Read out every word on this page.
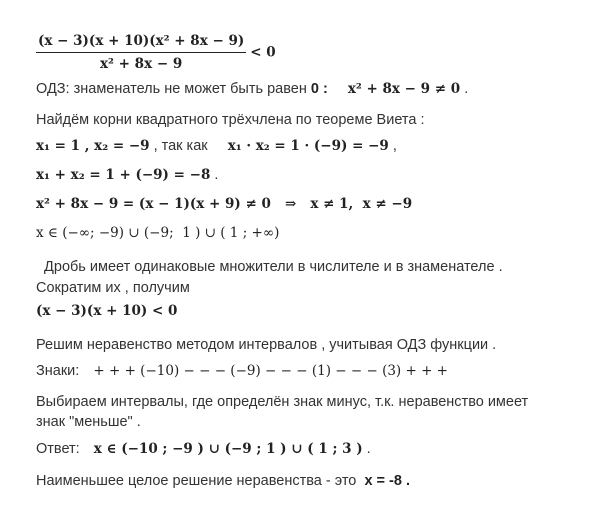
$\frac{\text{(x − 3)(x + 10)(x² + 8x − 9)}}{\text{x² + 8x − 9}} < 0$
ОДЗ: знаменатель не может быть равен 0 : x² + 8x − 9 ≠ 0 .
Найдём корни квадратного трёхчлена по теореме Виета :
x₁ = 1 , x₂ = −9 , так как x₁ · x₂ = 1 · (−9) = −9 ,
x₁ + x₂ = 1 + (−9) = −8 .
x² + 8x − 9 = (x − 1)(x + 9) ≠ 0   ⇒   x ≠ 1,  x ≠ −9
x ∈ (−∞; −9) ∪ (−9;  1 ) ∪ ( 1 ; +∞)
Дробь имеет одинаковые множители в числителе и в знаменателе .
Сократим их , получим
(x − 3)(x + 10) < 0
Решим неравенство методом интервалов , учитывая ОДЗ функции .
Знаки: + + + (−10) − − − (−9) − − − (1) − − − (3) + + +
Выбираем интервалы, где определён знак минус, т.к. неравенство имеет
знак "меньше" .
Ответ: x ∈ (−10 ; −9 ) ∪ (−9 ; 1 ) ∪ ( 1 ; 3 ) .
Наименьшее целое решение неравенства - это  x = -8 .
